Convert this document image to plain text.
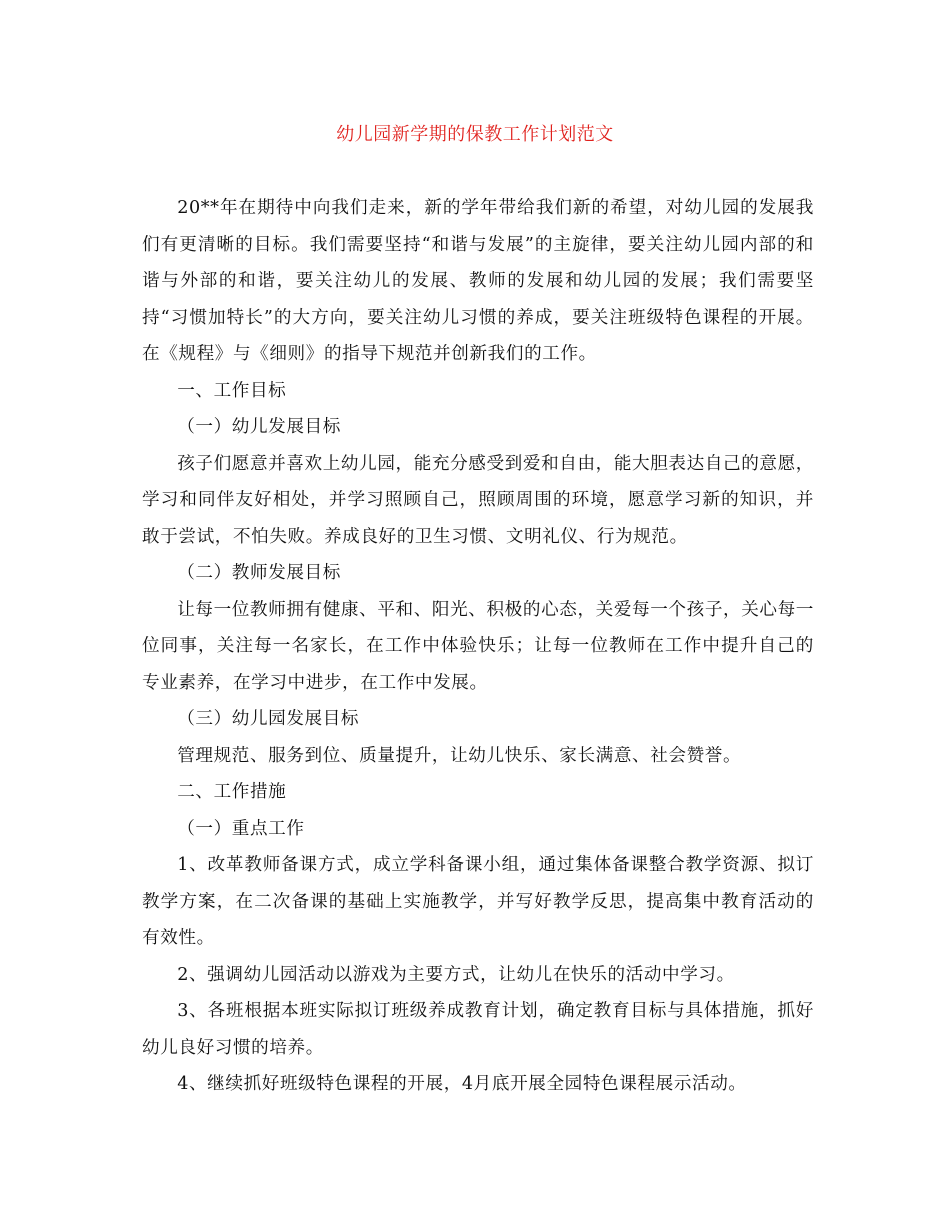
幼儿园新学期的保教工作计划范文

20**年在期待中向我们走来，新的学年带给我们新的希望，对幼儿园的发展我们有更清晰的目标。我们需要坚持“和谐与发展”的主旋律，要关注幼儿园内部的和谐与外部的和谐，要关注幼儿的发展、教师的发展和幼儿园的发展；我们需要坚持“习惯加特长”的大方向，要关注幼儿习惯的养成，要关注班级特色课程的开展。在《规程》与《细则》的指导下规范并创新我们的工作。

一、工作目标

（一）幼儿发展目标

孩子们愿意并喜欢上幼儿园，能充分感受到爱和自由，能大胆表达自己的意愿，学习和同伴友好相处，并学习照顾自己，照顾周围的环境，愿意学习新的知识，并敢于尝试，不怕失败。养成良好的卫生习惯、文明礼仪、行为规范。

（二）教师发展目标

让每一位教师拥有健康、平和、阳光、积极的心态，关爱每一个孩子，关心每一位同事，关注每一名家长，在工作中体验快乐；让每一位教师在工作中提升自己的专业素养，在学习中进步，在工作中发展。

（三）幼儿园发展目标

管理规范、服务到位、质量提升，让幼儿快乐、家长满意、社会赞誉。

二、工作措施

（一）重点工作

1、改革教师备课方式，成立学科备课小组，通过集体备课整合教学资源、拟订教学方案，在二次备课的基础上实施教学，并写好教学反思，提高集中教育活动的有效性。

2、强调幼儿园活动以游戏为主要方式，让幼儿在快乐的活动中学习。

3、各班根据本班实际拟订班级养成教育计划，确定教育目标与具体措施，抓好幼儿良好习惯的培养。

4、继续抓好班级特色课程的开展，4月底开展全园特色课程展示活动。
